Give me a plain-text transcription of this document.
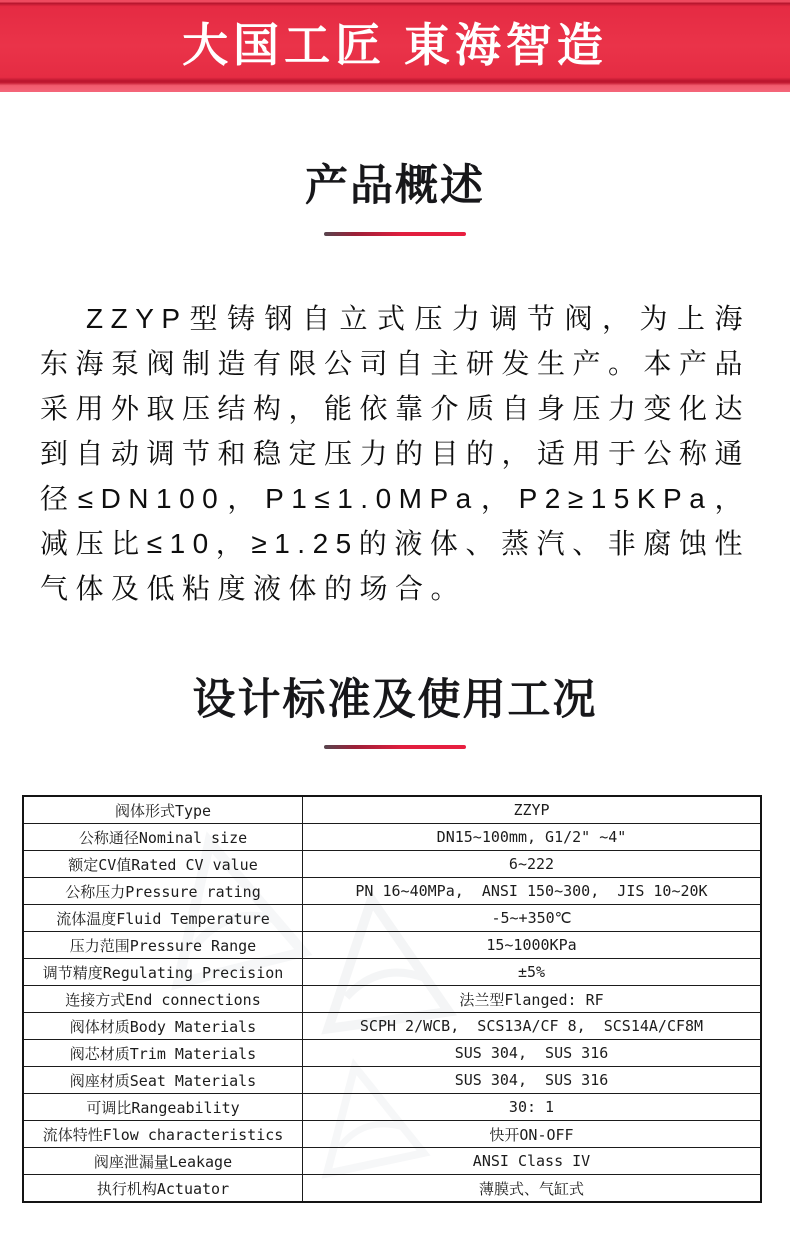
大国工匠 東海智造
产品概述
ZZYP型铸钢自立式压力调节阀，为上海东海泵阀制造有限公司自主研发生产。本产品采用外取压结构，能依靠介质自身压力变化达到自动调节和稳定压力的目的，适用于公称通径≤DN100，P1≤1.0MPa，P2≥15KPa，减压比≤10，≥1.25的液体、蒸汽、非腐蚀性气体及低粘度液体的场合。
设计标准及使用工况
阀体形式Type	ZZYP
公称通径Nominal size	DN15~100mm, G1/2" ~4"
额定CV值Rated CV value	6~222
公称压力Pressure rating	PN 16~40MPa,  ANSI 150~300,  JIS 10~20K
流体温度Fluid Temperature	-5~+350℃
压力范围Pressure Range	15~1000KPa
调节精度Regulating Precision	±5%
连接方式End connections	法兰型Flanged: RF
阀体材质Body Materials	SCPH 2/WCB,  SCS13A/CF 8,  SCS14A/CF8M
阀芯材质Trim Materials	SUS 304,  SUS 316
阀座材质Seat Materials	SUS 304,  SUS 316
可调比Rangeability	30: 1
流体特性Flow characteristics	快开ON-OFF
阀座泄漏量Leakage	ANSI Class IV
执行机构Actuator	薄膜式、气缸式
